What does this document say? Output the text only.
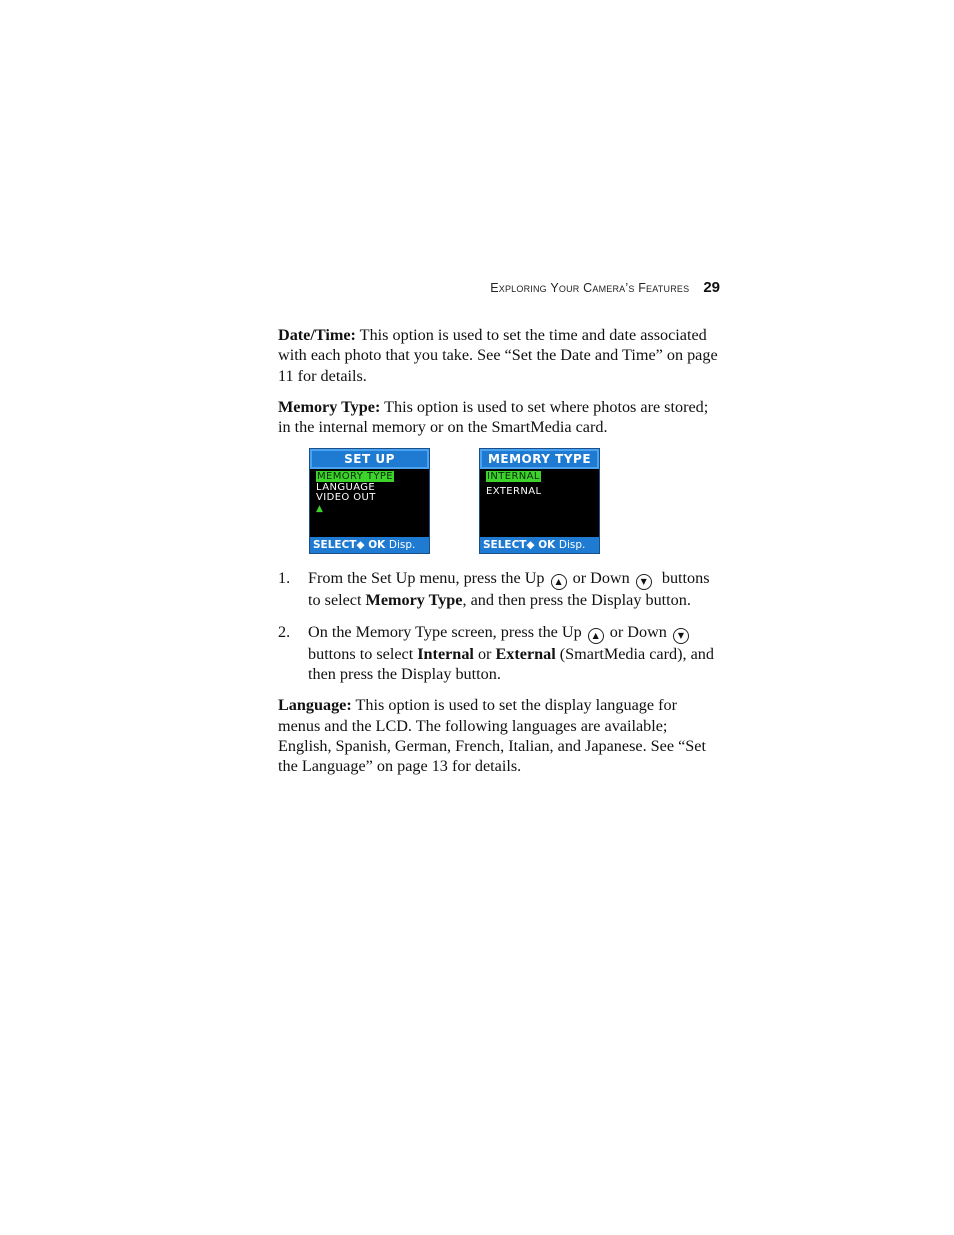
Exploring Your Camera’s Features 29

Date/Time: This option is used to set the time and date associated with each photo that you take. See “Set the Date and Time” on page 11 for details.

Memory Type: This option is used to set where photos are stored; in the internal memory or on the SmartMedia card.

SET UP
MEMORY TYPE
LANGUAGE
VIDEO OUT
▲
SELECT◆ OK Disp.
MEMORY TYPE
INTERNAL
EXTERNAL
SELECT◆ OK Disp.
1. From the Set Up menu, press the Up ▲ or Down ▼ buttons to select Memory Type, and then press the Display button.
2. On the Memory Type screen, press the Up ▲ or Down ▼ buttons to select Internal or External (SmartMedia card), and then press the Display button.

Language: This option is used to set the display language for menus and the LCD. The following languages are available; English, Spanish, German, French, Italian, and Japanese. See “Set the Language” on page 13 for details.
